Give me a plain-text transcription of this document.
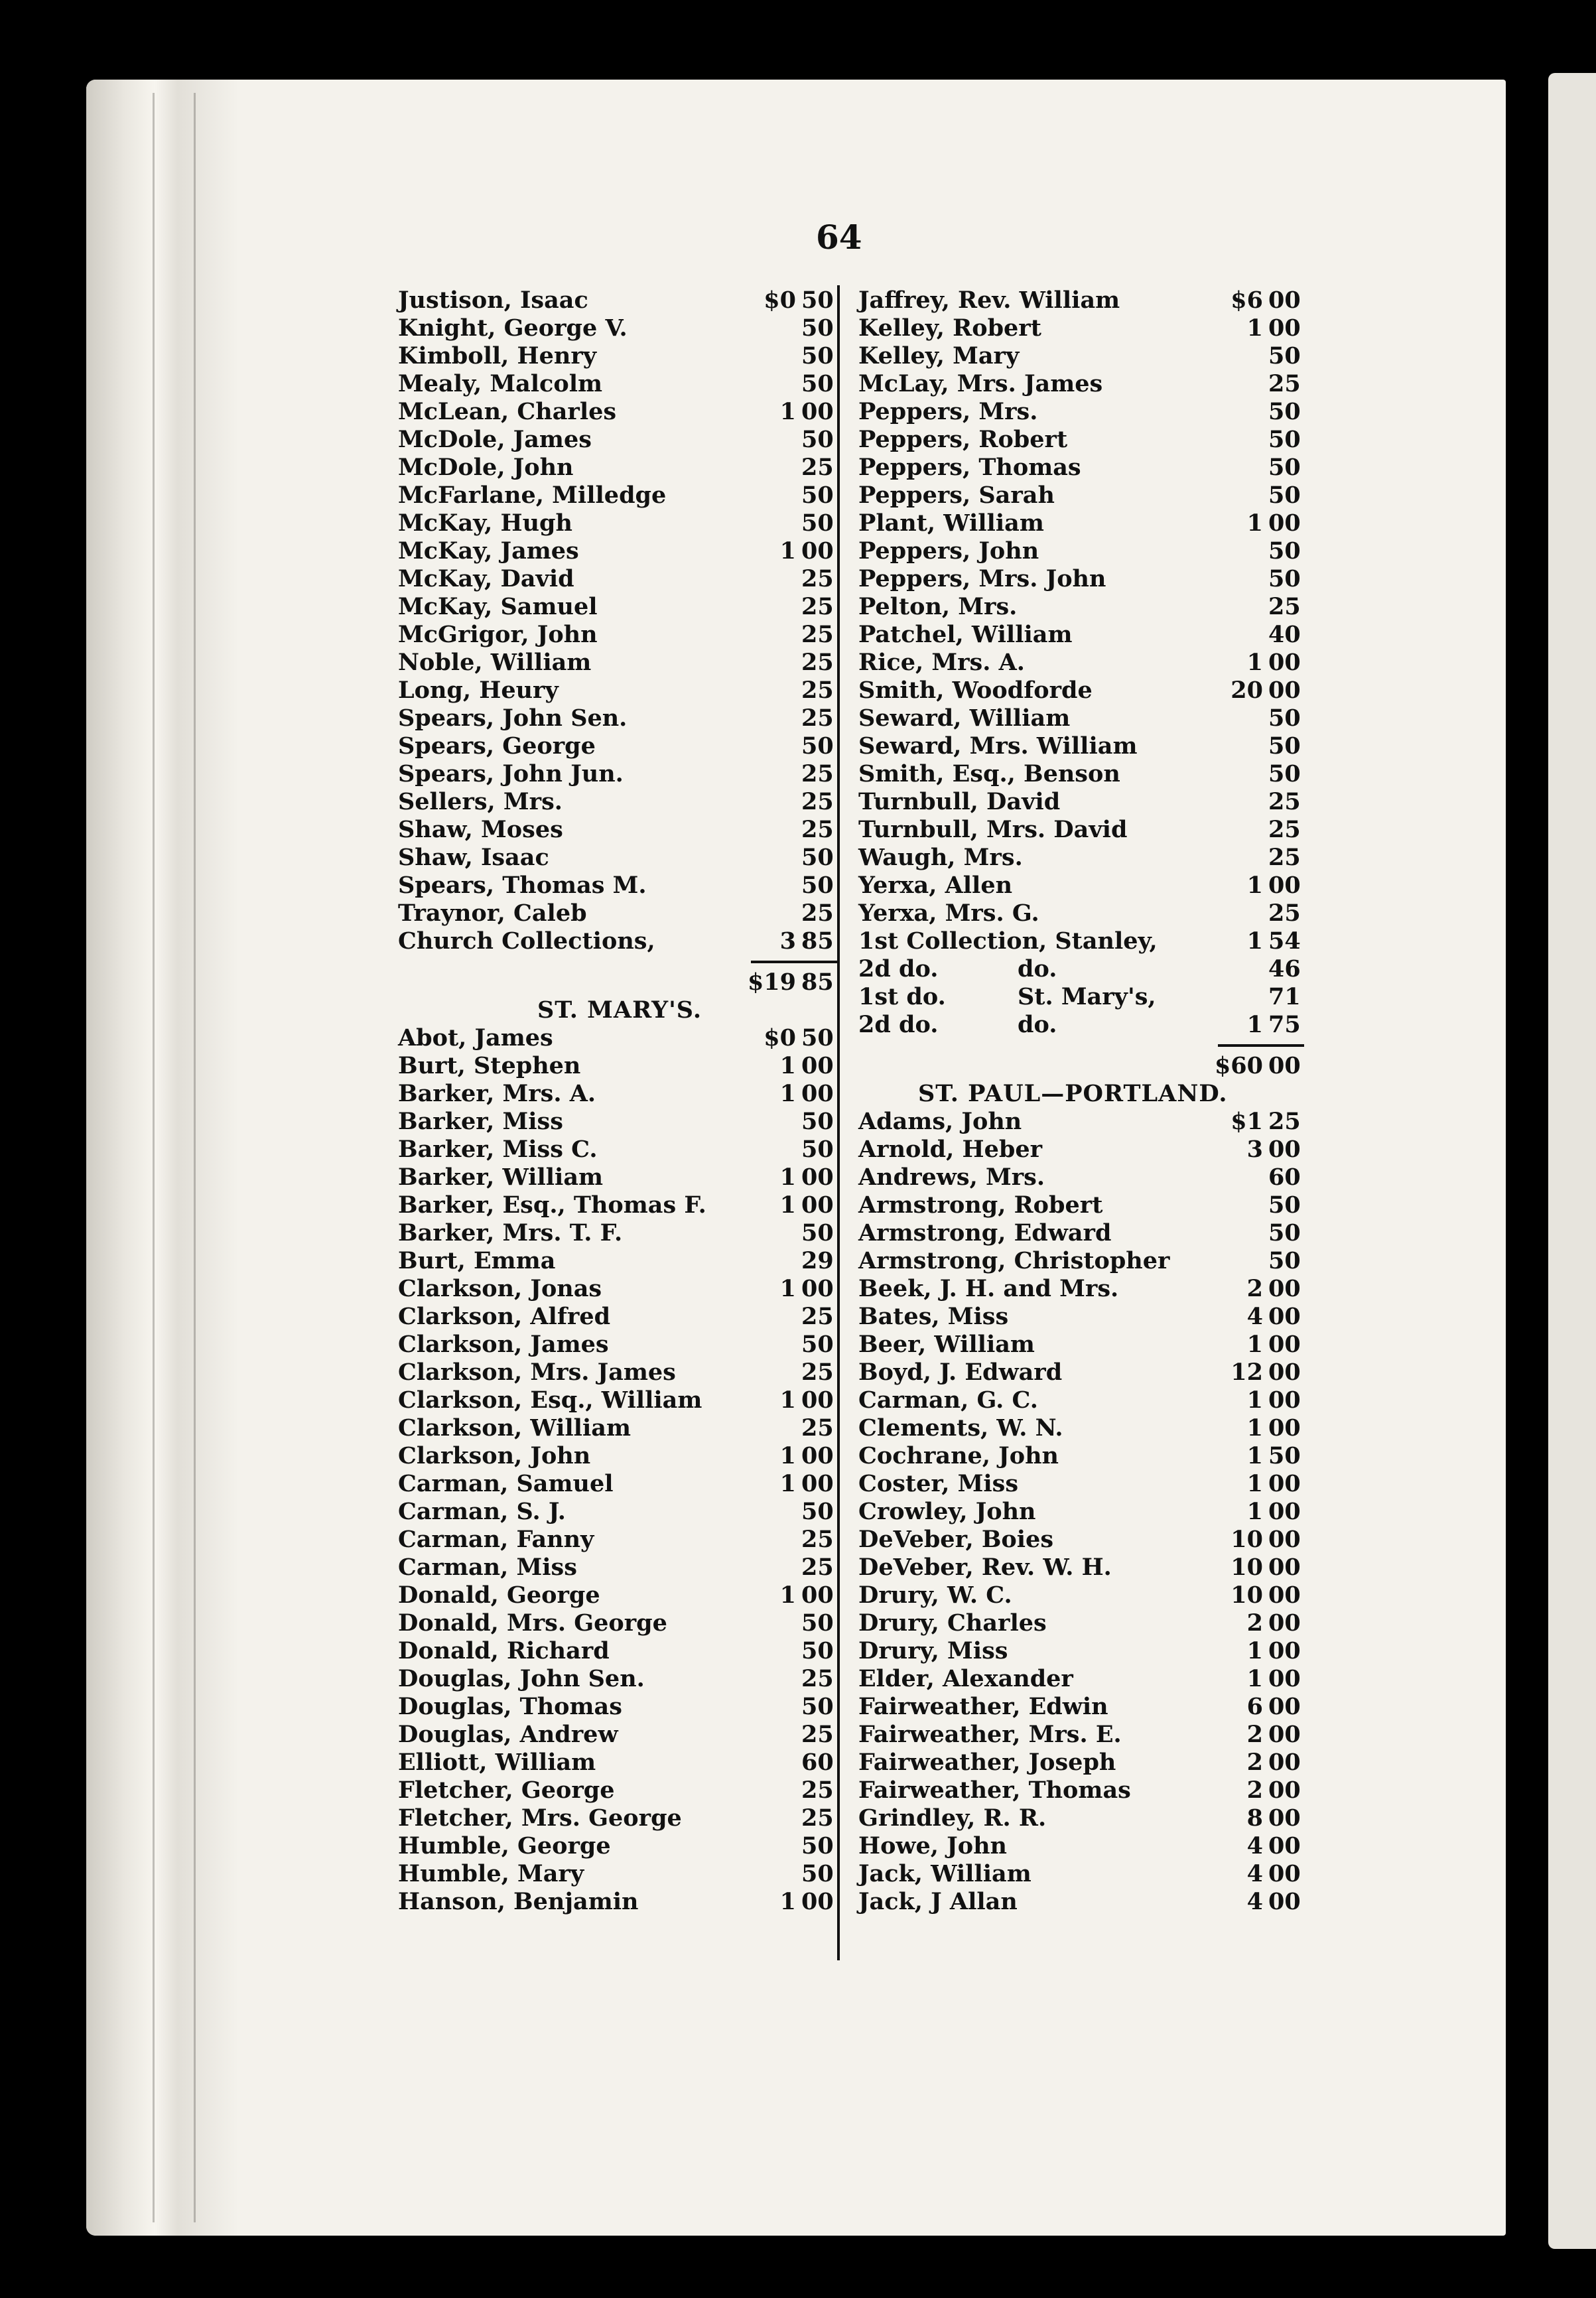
64
Justison, Isaac	$0 50
Knight, George V.	50
Kimboll, Henry	50
Mealy, Malcolm	50
McLean, Charles	1 00
McDole, James	50
McDole, John	25
McFarlane, Milledge	50
McKay, Hugh	50
McKay, James	1 00
McKay, David	25
McKay, Samuel	25
McGrigor, John	25
Noble, William	25
Long, Heury	25
Spears, John Sen.	25
Spears, George	50
Spears, John Jun.	25
Sellers, Mrs.	25
Shaw, Moses	25
Shaw, Isaac	50
Spears, Thomas M.	50
Traynor, Caleb	25
Church Collections,	3 85
$19 85
ST. MARY'S.
Abot, James	$0 50
Burt, Stephen	1 00
Barker, Mrs. A.	1 00
Barker, Miss	50
Barker, Miss C.	50
Barker, William	1 00
Barker, Esq., Thomas F.	1 00
Barker, Mrs. T. F.	50
Burt, Emma	29
Clarkson, Jonas	1 00
Clarkson, Alfred	25
Clarkson, James	50
Clarkson, Mrs. James	25
Clarkson, Esq., William	1 00
Clarkson, William	25
Clarkson, John	1 00
Carman, Samuel	1 00
Carman, S. J.	50
Carman, Fanny	25
Carman, Miss	25
Donald, George	1 00
Donald, Mrs. George	50
Donald, Richard	50
Douglas, John Sen.	25
Douglas, Thomas	50
Douglas, Andrew	25
Elliott, William	60
Fletcher, George	25
Fletcher, Mrs. George	25
Humble, George	50
Humble, Mary	50
Hanson, Benjamin	1 00
Jaffrey, Rev. William	$6 00
Kelley, Robert	1 00
Kelley, Mary	50
McLay, Mrs. James	25
Peppers, Mrs.	50
Peppers, Robert	50
Peppers, Thomas	50
Peppers, Sarah	50
Plant, William	1 00
Peppers, John	50
Peppers, Mrs. John	50
Pelton, Mrs.	25
Patchel, William	40
Rice, Mrs. A.	1 00
Smith, Woodforde	20 00
Seward, William	50
Seward, Mrs. William	50
Smith, Esq., Benson	50
Turnbull, David	25
Turnbull, Mrs. David	25
Waugh, Mrs.	25
Yerxa, Allen	1 00
Yerxa, Mrs. G.	25
1st Collection, Stanley,	1 54
2d do.	do.	46
1st do.	St. Mary's,	71
2d do.	do.	1 75
$60 00
ST. PAUL—PORTLAND.
Adams, John	$1 25
Arnold, Heber	3 00
Andrews, Mrs.	60
Armstrong, Robert	50
Armstrong, Edward	50
Armstrong, Christopher	50
Beek, J. H. and Mrs.	2 00
Bates, Miss	4 00
Beer, William	1 00
Boyd, J. Edward	12 00
Carman, G. C.	1 00
Clements, W. N.	1 00
Cochrane, John	1 50
Coster, Miss	1 00
Crowley, John	1 00
DeVeber, Boies	10 00
DeVeber, Rev. W. H.	10 00
Drury, W. C.	10 00
Drury, Charles	2 00
Drury, Miss	1 00
Elder, Alexander	1 00
Fairweather, Edwin	6 00
Fairweather, Mrs. E.	2 00
Fairweather, Joseph	2 00
Fairweather, Thomas	2 00
Grindley, R. R.	8 00
Howe, John	4 00
Jack, William	4 00
Jack, J Allan	4 00
